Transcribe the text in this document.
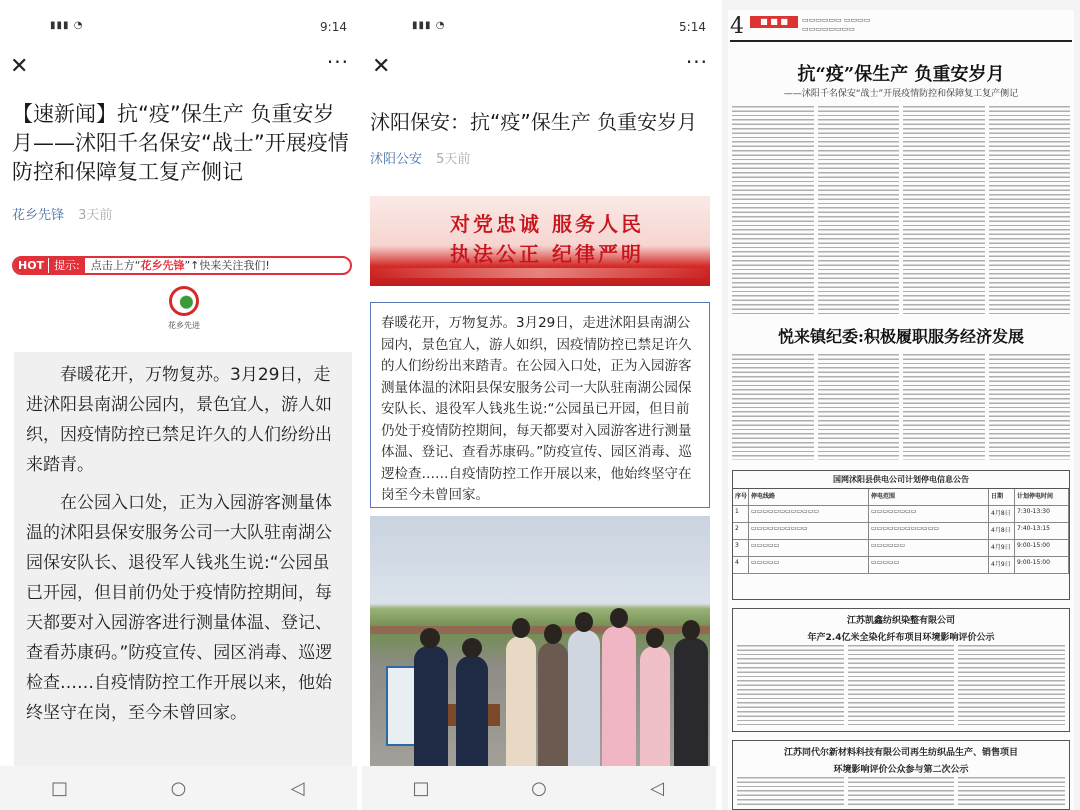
▮▮▮ ◔	9:14
✕	···
【速新闻】抗“疫”保生产 负重安岁月——沭阳千名保安“战士”开展疫情防控和保障复工复产侧记
花乡先锋 3天前
HOT 提示:	点击上方“ 花乡先锋 ”↑快来关注我们!
花乡先进

春暖花开，万物复苏。3月29日，走进沭阳县南湖公园内，景色宜人，游人如织，因疫情防控已禁足许久的人们纷纷出来踏青。

在公园入口处，正为入园游客测量体温的沭阳县保安服务公司一大队驻南湖公园保安队长、退役军人钱兆生说:“公园虽已开园，但目前仍处于疫情防控期间，每天都要对入园游客进行测量体温、登记、查看苏康码。”防疫宣传、园区消毒、巡逻检查……自疫情防控工作开展以来，他始终坚守在岗，至今未曾回家。

□	○	◁
▮▮▮ ◔	5:14
✕	···
沭阳保安：抗“疫”保生产 负重安岁月
沭阳公安 5天前
对党忠诚 服务人民
执法公正 纪律严明
春暖花开，万物复苏。3月29日，走进沭阳县南湖公园内，景色宜人，游人如织，因疫情防控已禁足许久的人们纷纷出来踏青。在公园入口处，正为入园游客测量体温的沭阳县保安服务公司一大队驻南湖公园保安队长、退役军人钱兆生说:“公园虽已开园，但目前仍处于疫情防控期间，每天都要对入园游客进行测量体温、登记、查看苏康码。”防疫宣传、园区消毒、巡逻检查……自疫情防控工作开展以来，他始终坚守在岗至今未曾回家。
□	○	◁
4	■ ■ ■	▭▭▭▭▭▭ ▭▭▭▭
▭▭▭▭▭▭▭▭
抗“疫”保生产 负重安岁月
——沭阳千名保安“战士”开展疫情防控和保障复工复产侧记
悦来镇纪委:积极履职服务经济发展
国网沭阳县供电公司计划停电信息公告
序号 停电线路	停电范围	日期	计划停电时间
1	▭▭▭▭▭▭▭▭▭▭▭▭	▭▭▭▭▭▭▭▭	4月8日	7:30-13:30
2	▭▭▭▭▭▭▭▭▭▭	▭▭▭▭▭▭▭▭▭▭▭▭	4月8日	7:40-13:15
3	▭▭▭▭▭	▭▭▭▭▭▭	4月9日	9:00-15:00
4	▭▭▭▭▭	▭▭▭▭▭	4月9日	9:00-15:00
江苏凯鑫纺织染整有限公司
年产2.4亿米全染化纤布项目环境影响评价公示
江苏同代尔新材料科技有限公司再生纺织品生产、销售项目
环境影响评价公众参与第二次公示
